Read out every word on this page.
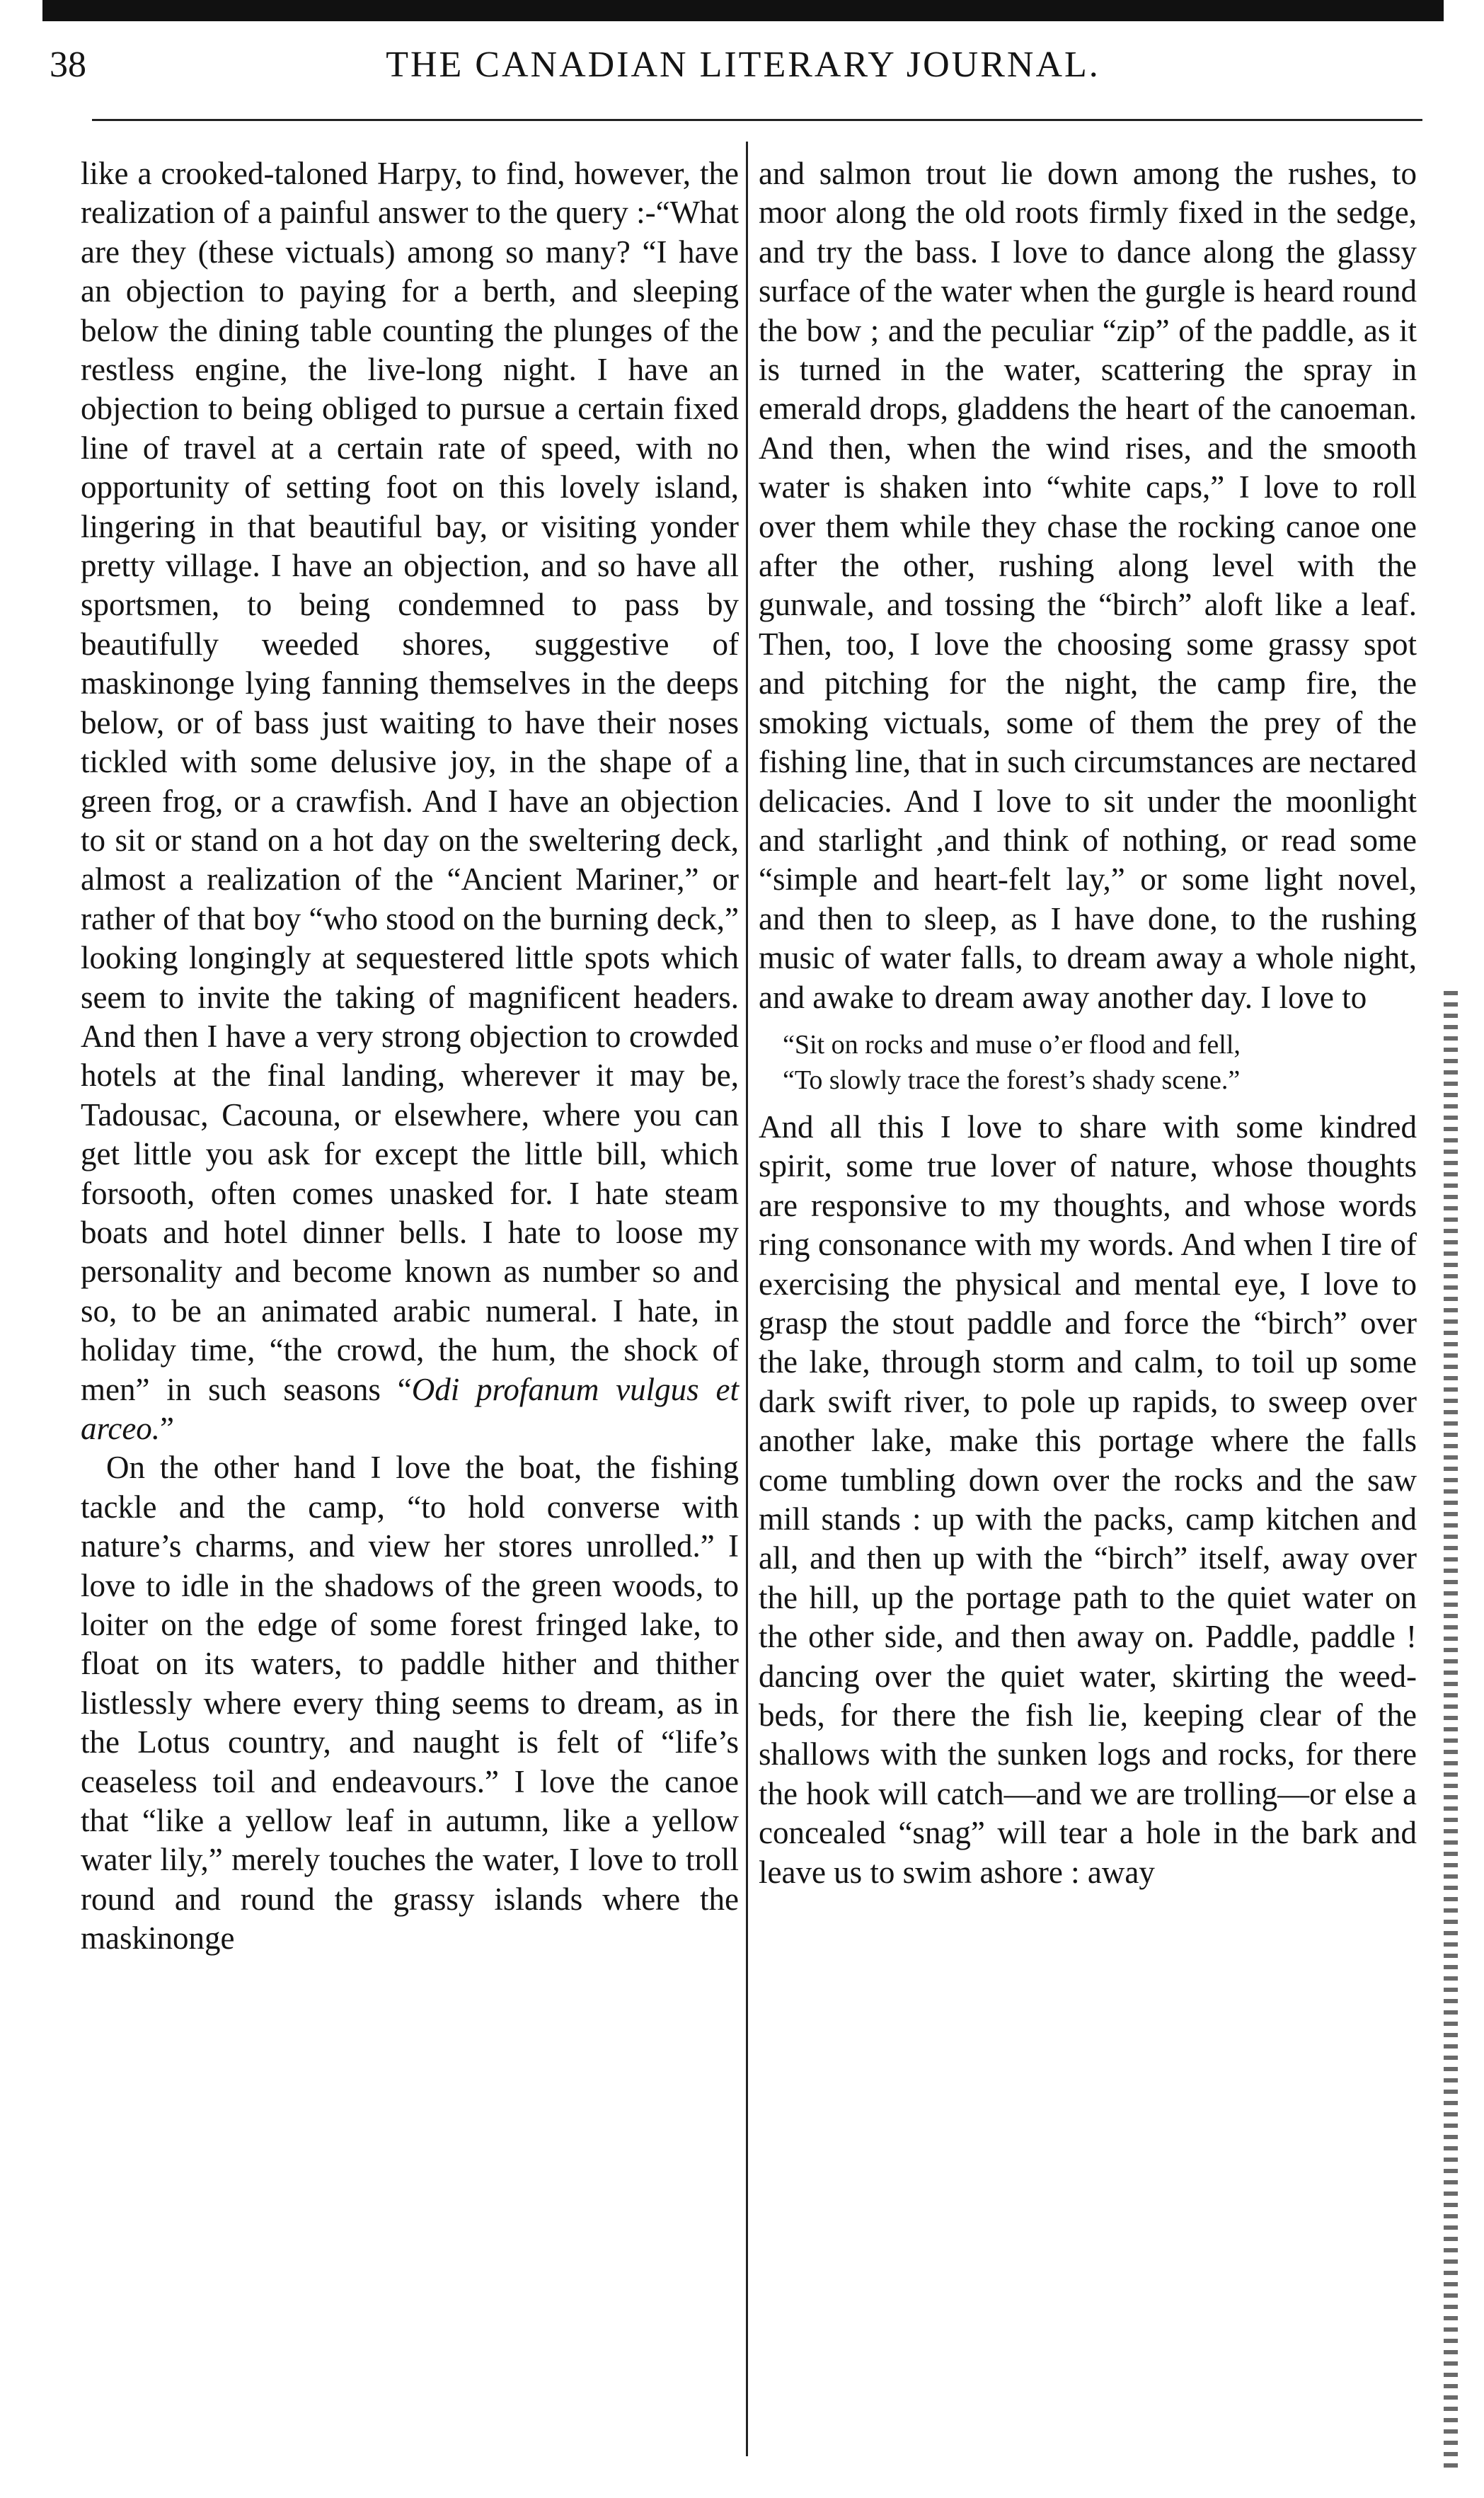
38	THE CANADIAN LITERARY JOURNAL.

like a crooked-taloned Harpy, to find, however, the realization of a painful answer to the query :-“What are they (these victuals) among so many? “I have an objection to paying for a berth, and sleeping below the dining table counting the plunges of the restless engine, the live-long night. I have an objection to being obliged to pursue a certain fixed line of travel at a certain rate of speed, with no opportunity of setting foot on this lovely island, lingering in that beautiful bay, or visiting yonder pretty village. I have an objection, and so have all sportsmen, to being condemned to pass by beautifully weeded shores, suggestive of maskinonge lying fanning themselves in the deeps below, or of bass just waiting to have their noses tickled with some delusive joy, in the shape of a green frog, or a crawfish. And I have an objection to sit or stand on a hot day on the sweltering deck, almost a realization of the “Ancient Mariner,” or rather of that boy “who stood on the burning deck,” looking longingly at sequestered little spots which seem to invite the taking of magnificent headers. And then I have a very strong objection to crowded hotels at the final landing, wherever it may be, Tadousac, Cacouna, or elsewhere, where you can get little you ask for except the little bill, which forsooth, often comes unasked for. I hate steam boats and hotel dinner bells. I hate to loose my personality and become known as number so and so, to be an animated arabic numeral. I hate, in holiday time, “the crowd, the hum, the shock of men” in such seasons “Odi profanum vulgus et arceo.”

On the other hand I love the boat, the fishing tackle and the camp, “to hold converse with nature’s charms, and view her stores unrolled.” I love to idle in the shadows of the green woods, to loiter on the edge of some forest fringed lake, to float on its waters, to paddle hither and thither listlessly where every thing seems to dream, as in the Lotus country, and naught is felt of “life’s ceaseless toil and endeavours.” I love the canoe that “like a yellow leaf in autumn, like a yellow water lily,” merely touches the water, I love to troll round and round the grassy islands where the maskinonge

and salmon trout lie down among the rushes, to moor along the old roots firmly fixed in the sedge, and try the bass. I love to dance along the glassy surface of the water when the gurgle is heard round the bow ; and the peculiar “zip” of the paddle, as it is turned in the water, scattering the spray in emerald drops, gladdens the heart of the canoeman. And then, when the wind rises, and the smooth water is shaken into “white caps,” I love to roll over them while they chase the rocking canoe one after the other, rushing along level with the gunwale, and tossing the “birch” aloft like a leaf. Then, too, I love the choosing some grassy spot and pitching for the night, the camp fire, the smoking victuals, some of them the prey of the fishing line, that in such circumstances are nectared delicacies. And I love to sit under the moonlight and starlight ,and think of nothing, or read some “simple and heart-felt lay,” or some light novel, and then to sleep, as I have done, to the rushing music of water falls, to dream away a whole night, and awake to dream away another day. I love to

“Sit on rocks and muse o’er flood and fell,
“To slowly trace the forest’s shady scene.”

And all this I love to share with some kindred spirit, some true lover of nature, whose thoughts are responsive to my thoughts, and whose words ring consonance with my words. And when I tire of exercising the physical and mental eye, I love to grasp the stout paddle and force the “birch” over the lake, through storm and calm, to toil up some dark swift river, to pole up rapids, to sweep over another lake, make this portage where the falls come tumbling down over the rocks and the saw mill stands : up with the packs, camp kitchen and all, and then up with the “birch” itself, away over the hill, up the portage path to the quiet water on the other side, and then away on. Paddle, paddle ! dancing over the quiet water, skirting the weed-beds, for there the fish lie, keeping clear of the shallows with the sunken logs and rocks, for there the hook will catch—and we are trolling—or else a concealed “snag” will tear a hole in the bark and leave us to swim ashore : away
